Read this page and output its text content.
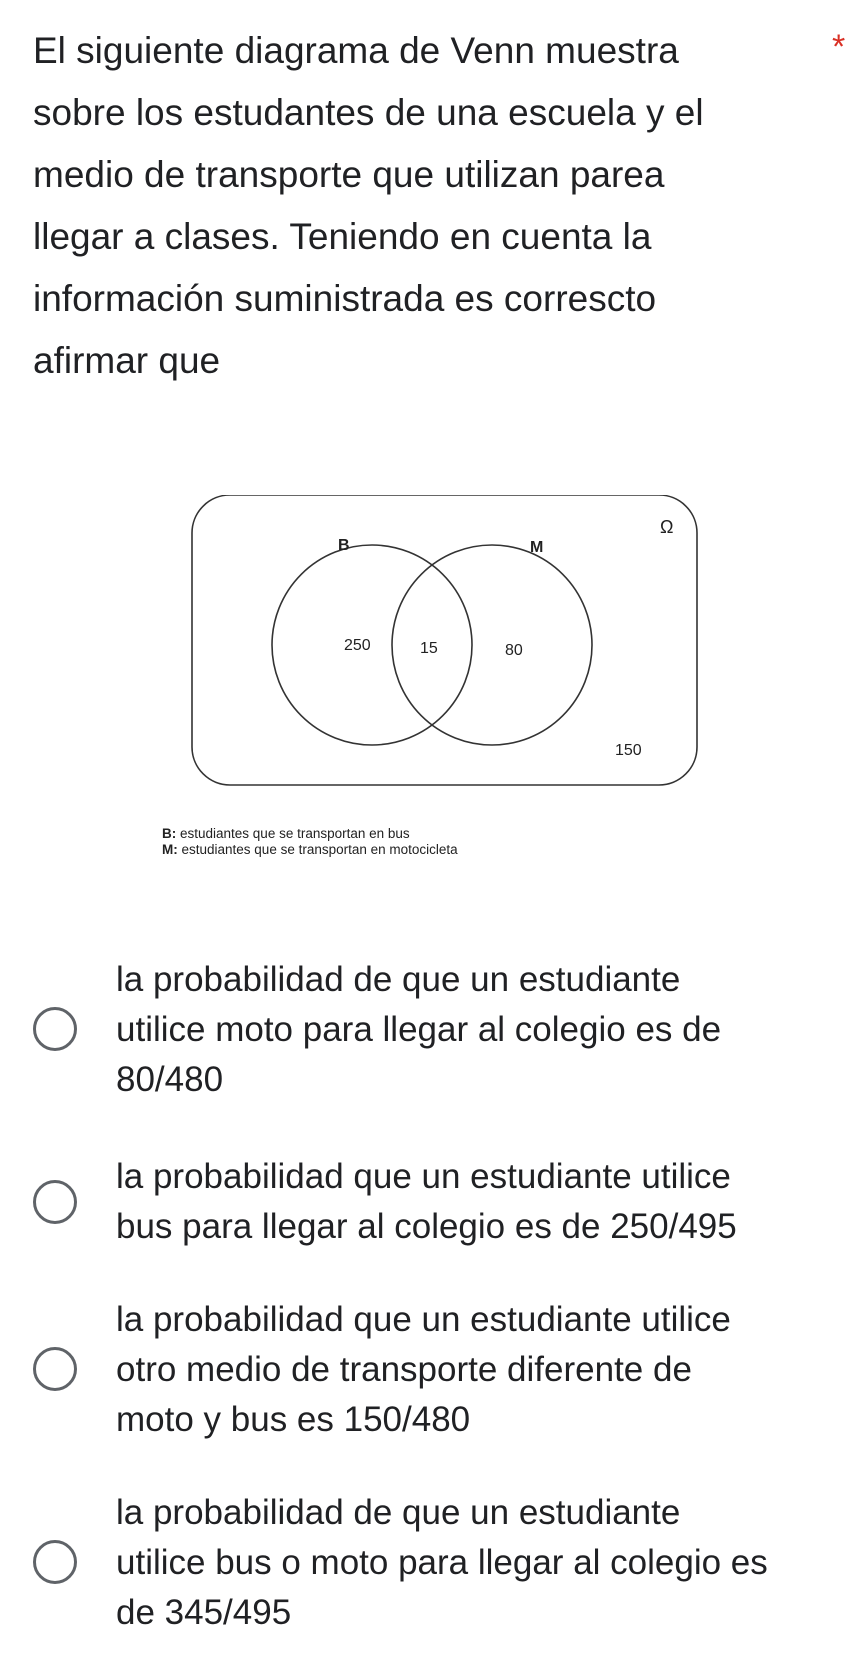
El siguiente diagrama de Venn muestra
sobre los estudantes de una escuela y el
medio de transporte que utilizan parea
llegar a clases. Teniendo en cuenta la
información suministrada es correscto
afirmar que
*
Ω
B	M
250	15	80
150
B: estudiantes que se transportan en bus
M: estudiantes que se transportan en motocicleta
la probabilidad de que un estudiante
utilice moto para llegar al colegio es de
80/480
la probabilidad que un estudiante utilice
bus para llegar al colegio es de 250/495
la probabilidad que un estudiante utilice
otro medio de transporte diferente de
moto y bus es 150/480
la probabilidad de que un estudiante
utilice bus o moto para llegar al colegio es
de 345/495
